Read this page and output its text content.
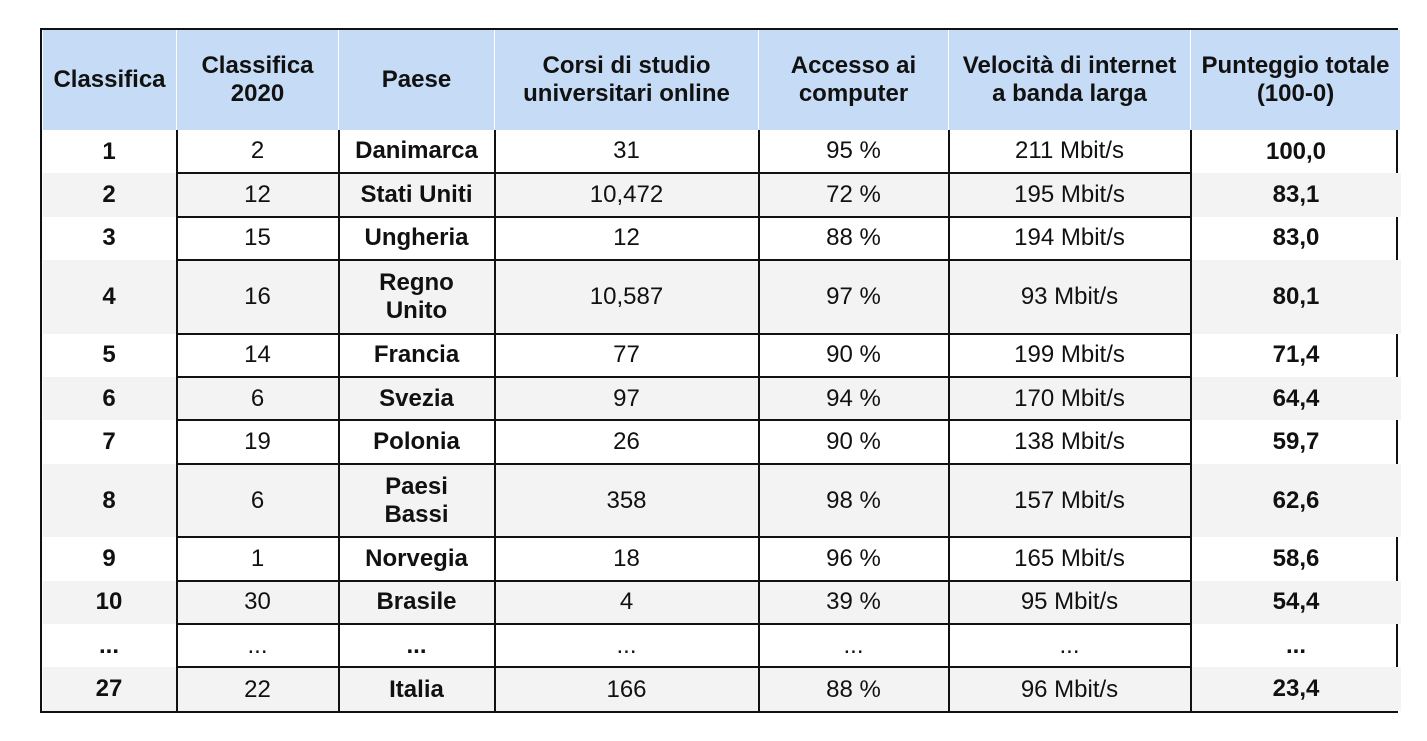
Classifica	Classifica 2020	Paese	Corsi di studio universitari online	Accesso ai computer	Velocità di internet a banda larga	Punteggio totale (100-0)
1	2	Danimarca	31	95 %	211 Mbit/s	100,0
2	12	Stati Uniti	10,472	72 %	195 Mbit/s	83,1
3	15	Ungheria	12	88 %	194 Mbit/s	83,0
4	16	Regno Unito	10,587	97 %	93 Mbit/s	80,1
5	14	Francia	77	90 %	199 Mbit/s	71,4
6	6	Svezia	97	94 %	170 Mbit/s	64,4
7	19	Polonia	26	90 %	138 Mbit/s	59,7
8	6	Paesi Bassi	358	98 %	157 Mbit/s	62,6
9	1	Norvegia	18	96 %	165 Mbit/s	58,6
10	30	Brasile	4	39 %	95 Mbit/s	54,4
...	...	...	...	...	...	...
27	22	Italia	166	88 %	96 Mbit/s	23,4
